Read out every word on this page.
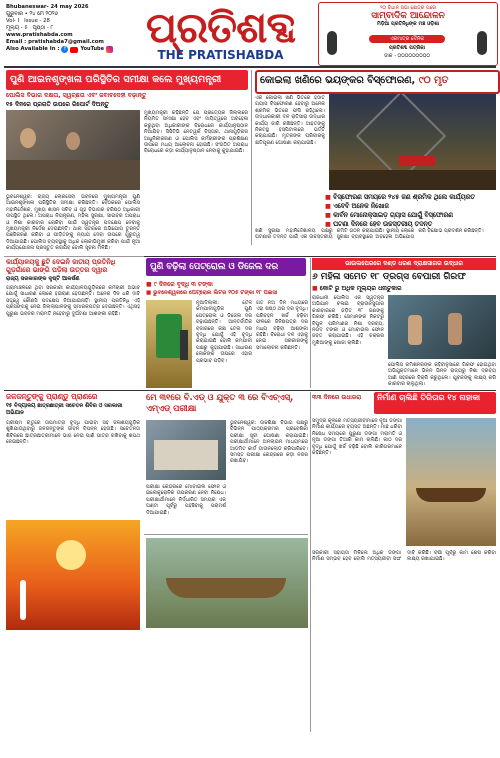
Bhubaneswar- 24 may 2026
ଗୁରୁବାର • ୨୪ ମେ ୨୦୨୬
Vol- I Issue - 28
ମୂଲ୍ୟ - ୫ ପୃଷ୍ଠା - ୮
www.pratishabda.com
Email : pratishabda7@gmail.com
Also Available In : f	YouTube ପ୍ରତିଶବ୍ଦ
THE PRATISHABDA
୨୦ ବିଧାନ ସଭା କ୍ଷେତ୍ର ପରେ
ସାମ୍ବାଦିକ ଆନ୍ଦୋଳନ
ମିଡ଼ିଆ ପ୍ରତିନିଧିଙ୍କ ମଞ୍ଚ ଓଡ଼ିଶା
ଏକମାତ୍ର ଦୈନିକ
ପ୍ରତିଶବ୍ଦ ପତ୍ରିକା
ଡାକ - ୦୦୦୦୦୦୦୦୦
ପୁଣି ଆଇନଶୃଙ୍ଖଳା ପରିସ୍ଥିତିର ସମୀକ୍ଷା କଲେ ମୁଖ୍ୟମନ୍ତ୍ରୀ
ପୋଲିସ ବିଭାଗ ଦକ୍ଷତା, ସ୍ୱଚ୍ଛତା ଏବଂ ଜବାବଦେହୀ ବଢ଼ାନ୍ତୁ
୧୫ ଦିନରେ ପ୍ରଗତି ଉପରେ ରିପୋର୍ଟ ଦିଅନ୍ତୁ
ମୁଖ୍ୟମନ୍ତ୍ରୀ କହିଛନ୍ତି ଯେ ପ୍ରତ୍ୟେକ ଜିଲ୍ଲାରେ ନିୟମିତ ସମୀକ୍ଷା ହେବ ଏବଂ ଦାୟିତ୍ୱରେ ଅବହେଳା କରୁଥିବା ଅଧିକାରୀଙ୍କ ବିରୋଧରେ କାର୍ଯ୍ୟାନୁଷ୍ଠାନ ନିଆଯିବ। ସିସିଟିଭି ନେଟୱର୍କ ବିସ୍ତାର, ଥାନାଗୁଡ଼ିକର ଆଧୁନିକୀକରଣ ଓ ପୋଲିସ କର୍ମଚାରୀଙ୍କ ପ୍ରଶିକ୍ଷଣ ଉପରେ ମଧ୍ୟ ଆଲୋଚନା ହୋଇଛି। ସଂଗଠିତ ଅପରାଧ ବିରୋଧରେ କଡ଼ା କାର୍ଯ୍ୟାନୁଷ୍ଠାନ ନେବାକୁ କୁହାଯାଇଛି।
ଭୁବନେଶ୍ୱର: ରାଜ୍ୟ ଲୋକସେବା ଭବନରେ ମୁଖ୍ୟମନ୍ତ୍ରୀ ପୁଣି ଆଇନଶୃଙ୍ଖଳା ପରିସ୍ଥିତିର ସମୀକ୍ଷା କରିଛନ୍ତି। ବୈଠକରେ ପୋଲିସ ମହାନିର୍ଦ୍ଦେଶକ, ମୁଖ୍ୟ ଶାସନ ସଚିବ ଓ ଗୃହ ବିଭାଗର ବରିଷ୍ଠ ଅଧିକାରୀ ଉପସ୍ଥିତ ଥିଲେ। ଅପରାଧ ନିୟନ୍ତ୍ରଣ, ମହିଳା ସୁରକ୍ଷା, ସାଇବର ଅପରାଧ ଓ ନିଶା କାରବାର ରୋକିବା ପାଇଁ ସ୍ୱତନ୍ତ୍ର ପଦକ୍ଷେପ ନେବାକୁ ମୁଖ୍ୟମନ୍ତ୍ରୀ ନିର୍ଦ୍ଦେଶ ଦେଇଛନ୍ତି। ଥାନା ସ୍ତରରେ ଅଭିଯୋଗ ତୁରନ୍ତ ପଞ୍ଜିକରଣ କରିବା ଓ ପୀଡ଼ିତଙ୍କୁ ନ୍ୟାୟ ଦେବା ଉପରେ ଗୁରୁତ୍ୱ ଦିଆଯାଇଛି। ପୋଲିସ ବ୍ୟବସ୍ଥାକୁ ଅଧିକ ଲୋକାଭିମୁଖୀ କରିବା ପାଇଁ ନୂଆ କାର୍ଯ୍ୟଯୋଜନା ପ୍ରସ୍ତୁତ କରାଯିବ ବୋଲି ସୂଚନା ମିଳିଛି।
କୋଇଲା ଖଣିରେ ଭୟଙ୍କର ବିସ୍ଫୋରଣ, ୯୦ ମୃତ
ଏକ କୋଇଲା ଖଣି ଭିତରେ ହଠାତ୍ ଗ୍ୟାସ ବିସ୍ଫୋରଣ ହେବାରୁ ଅନେକ ଶ୍ରମିକ ଭିତରେ ଫସି ରହିଥିଲେ। ଉଦ୍ଧାରକାରୀ ଦଳ ରାତିସାରା ଉଦ୍ଧାର କାର୍ଯ୍ୟ ଜାରି ରଖିଛନ୍ତି। ଆହତଙ୍କୁ ନିକଟସ୍ଥ ହସ୍ପିଟାଲରେ ଭର୍ତ୍ତି କରାଯାଇଛି। ମୃତକଙ୍କ ପରିବାରକୁ କ୍ଷତିପୂରଣ ଘୋଷଣା କରାଯାଇଛି।
■ ବିସ୍ଫୋରଣ ସମୟରେ ୨୪୫ ଜଣ ଶ୍ରମିକ ଥିଲେ କାର୍ଯ୍ୟରତ
■ ଏବେବି ଅନେକ ନିଖୋଜ
■ କାର୍ବନ ମୋନୋକ୍ସାଇଡ଼ ଗ୍ୟାସ ଯୋଗୁଁ ବିସ୍ଫୋରଣ
■ ଘଟଣା ଦିନରେ ହେବ ଉଚ୍ଚସ୍ତରୀୟ ତଦନ୍ତ
ଖଣି ସୁରକ୍ଷା ମହାନିର୍ଦ୍ଦେଶାଳୟ ପକ୍ଷରୁ ଘଟଣାର ତଦନ୍ତ ପାଇଁ ଏକ ଉଚ୍ଚସ୍ତରୀୟ କମିଟି ଗଠନ କରାଯାଇଛି। ସ୍ଥାନୀୟ ଲୋକେ ସୁରକ୍ଷା ବ୍ୟବସ୍ଥାରେ ଅବହେଳା ଅଭିଯୋଗ କରି ବିକ୍ଷୋଭ ପ୍ରଦର୍ଶନ କରିଛନ୍ତି।
କାର୍ଯ୍ୟାଳୟକୁ ଛୁଟି ଦେଇନି ଜାତୀୟ ପ୍ରତିନିଧି ଗୁଡ଼ଗାଁରେ ଭାଙ୍ଗି ପଡ଼ିଲା ଉତ୍ତର ଦ୍ୱାର
ରାଜ୍ୟ ସରକାରଙ୍କ ଦୃଷ୍ଟି ଆକର୍ଷଣ
ଗ୍ରାମାଞ୍ଚଳରେ ଥିବା ସରକାରୀ କାର୍ଯ୍ୟାଳୟଗୁଡ଼ିକରେ କର୍ମଚାରୀ ଅଭାବ ଯୋଗୁଁ ସାଧାରଣ ଲୋକେ ହଇରାଣ ହେଉଛନ୍ତି। ଅନେକ ଦିନ ଧରି ଦାବି ସତ୍ତ୍ୱେ କୌଣସି ପଦକ୍ଷେପ ନିଆଯାଇନାହିଁ। ସ୍ଥାନୀୟ ପ୍ରତିନିଧି ଏହି ପ୍ରସଙ୍ଗକୁ ନେଇ ଜିଲ୍ଲାପାଳଙ୍କୁ ସ୍ମାରକପତ୍ର ଦେଇଛନ୍ତି। ଏଥିସହ ପୁରୁଣା ଭବନର ମରାମତି ନହେବାରୁ ଦୁର୍ଘଟଣା ଆଶଙ୍କା ରହିଛି।
ପୁଣି ବଢ଼ିଲା ପେଟ୍ରୋଲ ଓ ଡିଜେଲ ଦର
■ ୯ ଦିନରେ ବୃଦ୍ଧି ୩ ଟଙ୍କା
■ ଭୁବନେଶ୍ୱରରେ ପେଟ୍ରୋଲ ଲିଟର ୧୦୫ ଟଙ୍କା ୧୮ ପଇସା
ନୂଆଦିଲ୍ଲୀ: ତୈଳ କମ୍ପାନୀଗୁଡ଼ିକ ପୁଣି ପେଟ୍ରୋଲ ଓ ଡିଜେଲ ଦର ବଢ଼ାଇଛନ୍ତି। ଆନ୍ତର୍ଜାତିକ ବଜାରରେ କଞ୍ଚା ତେଲ ଦର ବୃଦ୍ଧି ଯୋଗୁଁ ଏହି ବୃଦ୍ଧି କରାଯାଇଛି ବୋଲି କମ୍ପାନୀ ପକ୍ଷରୁ କୁହାଯାଇଛି। ସାଧାରଣ ଲୋକଙ୍କ ଉପରେ ଏହାର ପ୍ରଭାବ ପଡ଼ିବ।
ଗତ ନଅ ଦିନ ମଧ୍ୟରେ ଏହା ଷଷ୍ଠ ଥର ଦର ବୃଦ୍ଧି। ପରିବହନ ଖର୍ଚ୍ଚ ବଢ଼ିବା ଫଳରେ ଜିନିଷପତ୍ର ଦର ମଧ୍ୟ ବଢ଼ିବା ଆଶଙ୍କା ରହିଛି। ବିରୋଧୀ ଦଳ ଏହାକୁ ନେଇ ସରକାରଙ୍କୁ ସମାଲୋଚନା କରିଛନ୍ତି।
ଭାଉଲପେରରେ ଦଣ୍ଡ ଧରଣ ଦ୍ରାକ୍ଷସାଗର ଉଦ୍ଧାର
୬ ମହିଳା ସମେତ ୧୮ ଡ୍ରଗ୍ସ ବେପାରୀ ଗିରଫ
■ କୋଟି ରୁ ଅଧିକ ମୂଲ୍ୟର ଧନାଚୁକାର
ରାଜଧାନୀ ପୋଲିସ ଏକ ସ୍ୱତନ୍ତ୍ର ଅଭିଯାନ ଚଳାଇ ବ୍ରାଉନସୁଗାର କାରବାରରେ ଜଡ଼ିତ ୧୮ ଜଣଙ୍କୁ ଗିରଫ କରିଛି। ସେମାନଙ୍କ ନିକଟରୁ ବିପୁଳ ପରିମାଣର ନିଶା ଦ୍ରବ୍ୟ, ନଗଦ ଟଙ୍କା ଓ ମୋବାଇଲ ଫୋନ ଜବତ କରାଯାଇଛି। ଏହି ଚକ୍ରର ମୁଖିଆଙ୍କୁ ଖୋଜା ଚାଲିଛି।
ପୋଲିସ କମିଶନରଙ୍କ କହିବାନୁସାରେ ଗିରଫ ହୋଇଥିବା ଅଭିଯୁକ୍ତମାନେ ଭିନ୍ନ ଭିନ୍ନ ରାଜ୍ୟରୁ ନିଶା ଦ୍ରବ୍ୟ ଆଣି ସହରରେ ବିକ୍ରି କରୁଥିଲେ। ଯୁବକଙ୍କୁ ଲକ୍ଷ୍ୟ କରି କାରବାର ଚାଲୁଥିଲା।
ଜଳଜନ୍ତୁଙ୍କୁ ପ୍ରାଣ୍ଡୁ ପ୍ରାଣରେ
୧୫ ବିଦ୍ୟାଳୟ ଛାତ୍ରଛାତ୍ରୀ ସଚେତନ ଶିବିର ଓ ସରକାରୀ ଅଭିଯାନ
ଗ୍ରୀଷ୍ମ ଋତୁରେ ତାପମାତ୍ରା ବୃଦ୍ଧି ପାଇବା ସହ ଜଳାଶୟଗୁଡ଼ିକ ଶୁଖିଯାଉଥିବାରୁ ଜଳଜନ୍ତୁଙ୍କ ଜୀବନ ବିପନ୍ନ ହେଉଛି। ସଚେତନତା ଶିବିରରେ ଛାତ୍ରଛାତ୍ରୀମାନେ ଭାଗ ନେଇ ପାଣି ପାତ୍ର ରଖିବାକୁ ଶପଥ ନେଇଛନ୍ତି।
ମେ ୩୧ରେ ବି.ଏଡ୍ ଓ ଯୁକ୍ତ ୩ ରେ ବିଏଚ୍‌ଏସ୍‌, ଏମ୍‌ଏଡ୍ ପରୀକ୍ଷା
ଭୁବନେଶ୍ୱର: ଉଚ୍ଚଶିକ୍ଷା ବିଭାଗ ପକ୍ଷରୁ ବିଭିନ୍ନ ପାଠ୍ୟକ୍ରମର ପ୍ରବେଶିକା ପରୀକ୍ଷା ସୂଚୀ ଘୋଷଣା କରାଯାଇଛି। ପରୀକ୍ଷାର୍ଥୀମାନେ ଅନଲାଇନ ମାଧ୍ୟମରେ ଆଡମିଟ କାର୍ଡ ଡାଉନଲୋଡ କରିପାରିବେ। ସମସ୍ତ ପରୀକ୍ଷା କେନ୍ଦ୍ରରେ କଡ଼ା ନଜର ରଖାଯିବ।
ପରୀକ୍ଷା କେନ୍ଦ୍ରରେ ମୋବାଇଲ ଫୋନ ଓ ଇଲେକ୍ଟ୍ରୋନିକ ଉପକରଣ ନେବା ନିଷେଧ। ପରୀକ୍ଷାର୍ଥୀମାନେ ନିର୍ଦ୍ଧାରିତ ସମୟର ଏକ ଘଣ୍ଟା ପୂର୍ବରୁ ପହଞ୍ଚିବାକୁ ପରାମର୍ଶ ଦିଆଯାଇଛି।
୩୩ ଦିନରେ ଉଧାରରା	ନିର୍ମାଣ ଚାଲିଛି ତିରିତାର ୧୪ ନାହାକା
ସମୁଦ୍ର କୂଳରେ ମତ୍ସ୍ୟଜୀବୀମାନେ ନୂଆ ଡଙ୍ଗା ନିର୍ମାଣ କାର୍ଯ୍ୟରେ ବ୍ୟସ୍ତ ଅଛନ୍ତି। ମାଛ ଧରିବା ନିଷେଧ ସମୟରେ ପୁରୁଣା ଡଙ୍ଗା ମରାମତି ଓ ନୂଆ ଡଙ୍ଗା ତିଆରି କାମ ଚାଲିଛି। କାଠ ଦର ବୃଦ୍ଧି ଯୋଗୁଁ ଖର୍ଚ୍ଚ ବଢ଼ିଛି ବୋଲି କାରିଗରମାନେ କହିଛନ୍ତି।
ସରକାରୀ ସହାୟତା ମିଳିଲେ ଅଧିକ ଡଙ୍ଗା ନିର୍ମାଣ ସମ୍ଭବ ହେବ ବୋଲି ମତ୍ସ୍ୟଜୀବୀ ସଙ୍ଘ ଦାବି କରିଛି। ବର୍ଷା ପୂର୍ବରୁ କାମ ଶେଷ କରିବା ଲକ୍ଷ୍ୟ ରଖାଯାଇଛି।
